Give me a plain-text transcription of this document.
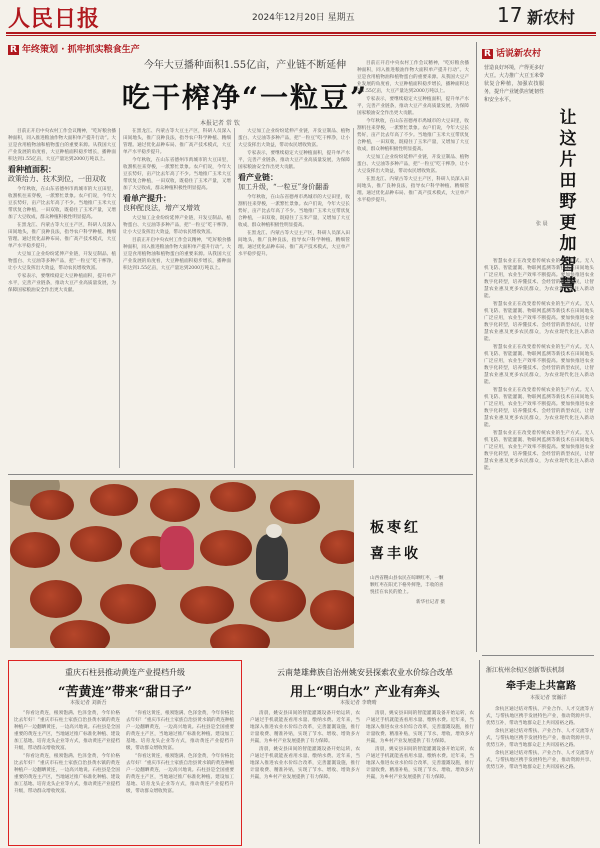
人民日报	2024年12月20日 星期五	17 新农村
R 年终策划 · 抓牢抓实粮食生产
今年大豆播种面积1.55亿亩，产业链不断延伸
吃干榨净“一粒豆”
本报记者 常 钦

目前正开启中央农村工作会议精神，“吃好粮食播种面积，同入推进粮油作物大面积单产提升行动”。大豆是食用植物油和植物蛋白的重要来源。从我国大豆产业发展的角度看，大豆种植面积稳步增长，播种面积达到1.55亿亩，大豆产量达到2000万吨以上。

看种植面积：
政策给力、技术到位，一田双收

今年秋收，在山东省德州市禹城市的大豆田里，收割机往来穿梭，一派繁忙景象。农户们说，今年大豆长势好，亩产比去年高了不少。当地推广玉米大豆带状复合种植，一田双收，既稳住了玉米产量，又增加了大豆收成，群众种植积极性明显提高。

在黑龙江、内蒙古等大豆主产区，科研人员深入田间地头，推广良种良法，指导农户科学种植、精细管理。通过优化品种布局、推广高产技术模式，大豆单产水平稳步提升。

大豆加工企业纷纷延伸产业链，开发豆制品、植物蛋白、大豆油等多种产品，把“一粒豆”吃干榨净，让小大豆发挥出大效益，带动农民增收致富。

专家表示，要继续稳定大豆种植面积，提升单产水平，完善产业链条，推动大豆产业高质量发展，为保障国家粮油安全作出更大贡献。

在黑龙江、内蒙古等大豆主产区，科研人员深入田间地头，推广良种良法，指导农户科学种植、精细管理。通过优化品种布局、推广高产技术模式，大豆单产水平稳步提升。

今年秋收，在山东省德州市禹城市的大豆田里，收割机往来穿梭，一派繁忙景象。农户们说，今年大豆长势好，亩产比去年高了不少。当地推广玉米大豆带状复合种植，一田双收，既稳住了玉米产量，又增加了大豆收成，群众种植积极性明显提高。

看单产提升：
良种配良法，增产又增效

大豆加工企业纷纷延伸产业链，开发豆制品、植物蛋白、大豆油等多种产品，把“一粒豆”吃干榨净，让小大豆发挥出大效益，带动农民增收致富。

目前正开启中央农村工作会议精神，“吃好粮食播种面积，同入推进粮油作物大面积单产提升行动”。大豆是食用植物油和植物蛋白的重要来源。从我国大豆产业发展的角度看，大豆种植面积稳步增长，播种面积达到1.55亿亩，大豆产量达到2000万吨以上。

大豆加工企业纷纷延伸产业链，开发豆制品、植物蛋白、大豆油等多种产品，把“一粒豆”吃干榨净，让小大豆发挥出大效益，带动农民增收致富。

专家表示，要继续稳定大豆种植面积，提升单产水平，完善产业链条，推动大豆产业高质量发展，为保障国家粮油安全作出更大贡献。

看产业链：
加工升级，“一粒豆”身价翻番

今年秋收，在山东省德州市禹城市的大豆田里，收割机往来穿梭，一派繁忙景象。农户们说，今年大豆长势好，亩产比去年高了不少。当地推广玉米大豆带状复合种植，一田双收，既稳住了玉米产量，又增加了大豆收成，群众种植积极性明显提高。

在黑龙江、内蒙古等大豆主产区，科研人员深入田间地头，推广良种良法，指导农户科学种植、精细管理。通过优化品种布局、推广高产技术模式，大豆单产水平稳步提升。

目前正开启中央农村工作会议精神，“吃好粮食播种面积，同入推进粮油作物大面积单产提升行动”。大豆是食用植物油和植物蛋白的重要来源。从我国大豆产业发展的角度看，大豆种植面积稳步增长，播种面积达到1.55亿亩，大豆产量达到2000万吨以上。

专家表示，要继续稳定大豆种植面积，提升单产水平，完善产业链条，推动大豆产业高质量发展，为保障国家粮油安全作出更大贡献。

今年秋收，在山东省德州市禹城市的大豆田里，收割机往来穿梭，一派繁忙景象。农户们说，今年大豆长势好，亩产比去年高了不少。当地推广玉米大豆带状复合种植，一田双收，既稳住了玉米产量，又增加了大豆收成，群众种植积极性明显提高。

大豆加工企业纷纷延伸产业链，开发豆制品、植物蛋白、大豆油等多种产品，把“一粒豆”吃干榨净，让小大豆发挥出大效益，带动农民增收致富。

在黑龙江、内蒙古等大豆主产区，科研人员深入田间地头，推广良种良法，指导农户科学种植、精细管理。通过优化品种布局、推广高产技术模式，大豆单产水平稳步提升。

R 话说新农村
营造良好环境，产得更多好大豆。大力推广大豆玉米带状复合种植，加强农技服务，提升产业链供应链韧性和安全水平。
让这片田野更加智慧
张 晨

智慧农业正在改变着传统农业的生产方式。无人机飞防、智能灌溉、物联网监测等新技术在田间地头广泛应用，农业生产效率不断提高。要加快推进农业数字化转型，培养懂技术、会经营的新型农民，让智慧农业惠及更多农民群众，为农业现代化注入新动能。

智慧农业正在改变着传统农业的生产方式。无人机飞防、智能灌溉、物联网监测等新技术在田间地头广泛应用，农业生产效率不断提高。要加快推进农业数字化转型，培养懂技术、会经营的新型农民，让智慧农业惠及更多农民群众，为农业现代化注入新动能。

智慧农业正在改变着传统农业的生产方式。无人机飞防、智能灌溉、物联网监测等新技术在田间地头广泛应用，农业生产效率不断提高。要加快推进农业数字化转型，培养懂技术、会经营的新型农民，让智慧农业惠及更多农民群众，为农业现代化注入新动能。

智慧农业正在改变着传统农业的生产方式。无人机飞防、智能灌溉、物联网监测等新技术在田间地头广泛应用，农业生产效率不断提高。要加快推进农业数字化转型，培养懂技术、会经营的新型农民，让智慧农业惠及更多农民群众，为农业现代化注入新动能。

智慧农业正在改变着传统农业的生产方式。无人机飞防、智能灌溉、物联网监测等新技术在田间地头广泛应用，农业生产效率不断提高。要加快推进农业数字化转型，培养懂技术、会经营的新型农民，让智慧农业惠及更多农民群众，为农业现代化注入新动能。

板枣红
喜丰收
山西省稷山县农民在晾晒红枣，一颗颗红枣在阳光下格外鲜艳，丰收的喜悦挂在农民的脸上。
新华社记者 摄
重庆石柱县推动黄连产业提档升级
“苦黄连”带来“甜日子”
本报记者 刘新吾

“你看这黄连，根须饱满、色泽金黄，今年价格比去年好！”重庆市石柱土家族自治县黄水镇的黄连种植户一边翻晒黄连，一边高兴地说。石柱县是全国重要的黄连主产区，当地通过推广标准化种植、建设加工基地、培育龙头企业等方式，推动黄连产业提档升级，带动群众增收致富。

“你看这黄连，根须饱满、色泽金黄，今年价格比去年好！”重庆市石柱土家族自治县黄水镇的黄连种植户一边翻晒黄连，一边高兴地说。石柱县是全国重要的黄连主产区，当地通过推广标准化种植、建设加工基地、培育龙头企业等方式，推动黄连产业提档升级，带动群众增收致富。

“你看这黄连，根须饱满、色泽金黄，今年价格比去年好！”重庆市石柱土家族自治县黄水镇的黄连种植户一边翻晒黄连，一边高兴地说。石柱县是全国重要的黄连主产区，当地通过推广标准化种植、建设加工基地、培育龙头企业等方式，推动黄连产业提档升级，带动群众增收致富。

“你看这黄连，根须饱满、色泽金黄，今年价格比去年好！”重庆市石柱土家族自治县黄水镇的黄连种植户一边翻晒黄连，一边高兴地说。石柱县是全国重要的黄连主产区，当地通过推广标准化种植、建设加工基地、培育龙头企业等方式，推动黄连产业提档升级，带动群众增收致富。

云南楚雄彝族自治州姚安县探索农业水价综合改革
用上“明白水” 产业有奔头
本报记者 李晓晴

清晨，姚安县田间的智能灌溉设备开始运转，农户通过手机就能查看用水量、缴纳水费。近年来，当地深入推进农业水价综合改革，完善灌溉设施，推行计量收费、精准补贴，实现了节水、增收、增效多方共赢，为乡村产业发展提供了有力保障。

清晨，姚安县田间的智能灌溉设备开始运转，农户通过手机就能查看用水量、缴纳水费。近年来，当地深入推进农业水价综合改革，完善灌溉设施，推行计量收费、精准补贴，实现了节水、增收、增效多方共赢，为乡村产业发展提供了有力保障。

清晨，姚安县田间的智能灌溉设备开始运转，农户通过手机就能查看用水量、缴纳水费。近年来，当地深入推进农业水价综合改革，完善灌溉设施，推行计量收费、精准补贴，实现了节水、增收、增效多方共赢，为乡村产业发展提供了有力保障。

清晨，姚安县田间的智能灌溉设备开始运转，农户通过手机就能查看用水量、缴纳水费。近年来，当地深入推进农业水价综合改革，完善灌溉设施，推行计量收费、精准补贴，实现了节水、增收、增效多方共赢，为乡村产业发展提供了有力保障。

浙江杭州余杭区创新帮扶机制
牵手走上共富路
本报记者 窦瀚洋

余杭区通过结对帮扶、产业合作、人才交流等方式，与帮扶地区携手发展特色产业，推动资源共享、优势互补，带动当地群众走上共同富裕之路。

余杭区通过结对帮扶、产业合作、人才交流等方式，与帮扶地区携手发展特色产业，推动资源共享、优势互补，带动当地群众走上共同富裕之路。

余杭区通过结对帮扶、产业合作、人才交流等方式，与帮扶地区携手发展特色产业，推动资源共享、优势互补，带动当地群众走上共同富裕之路。
